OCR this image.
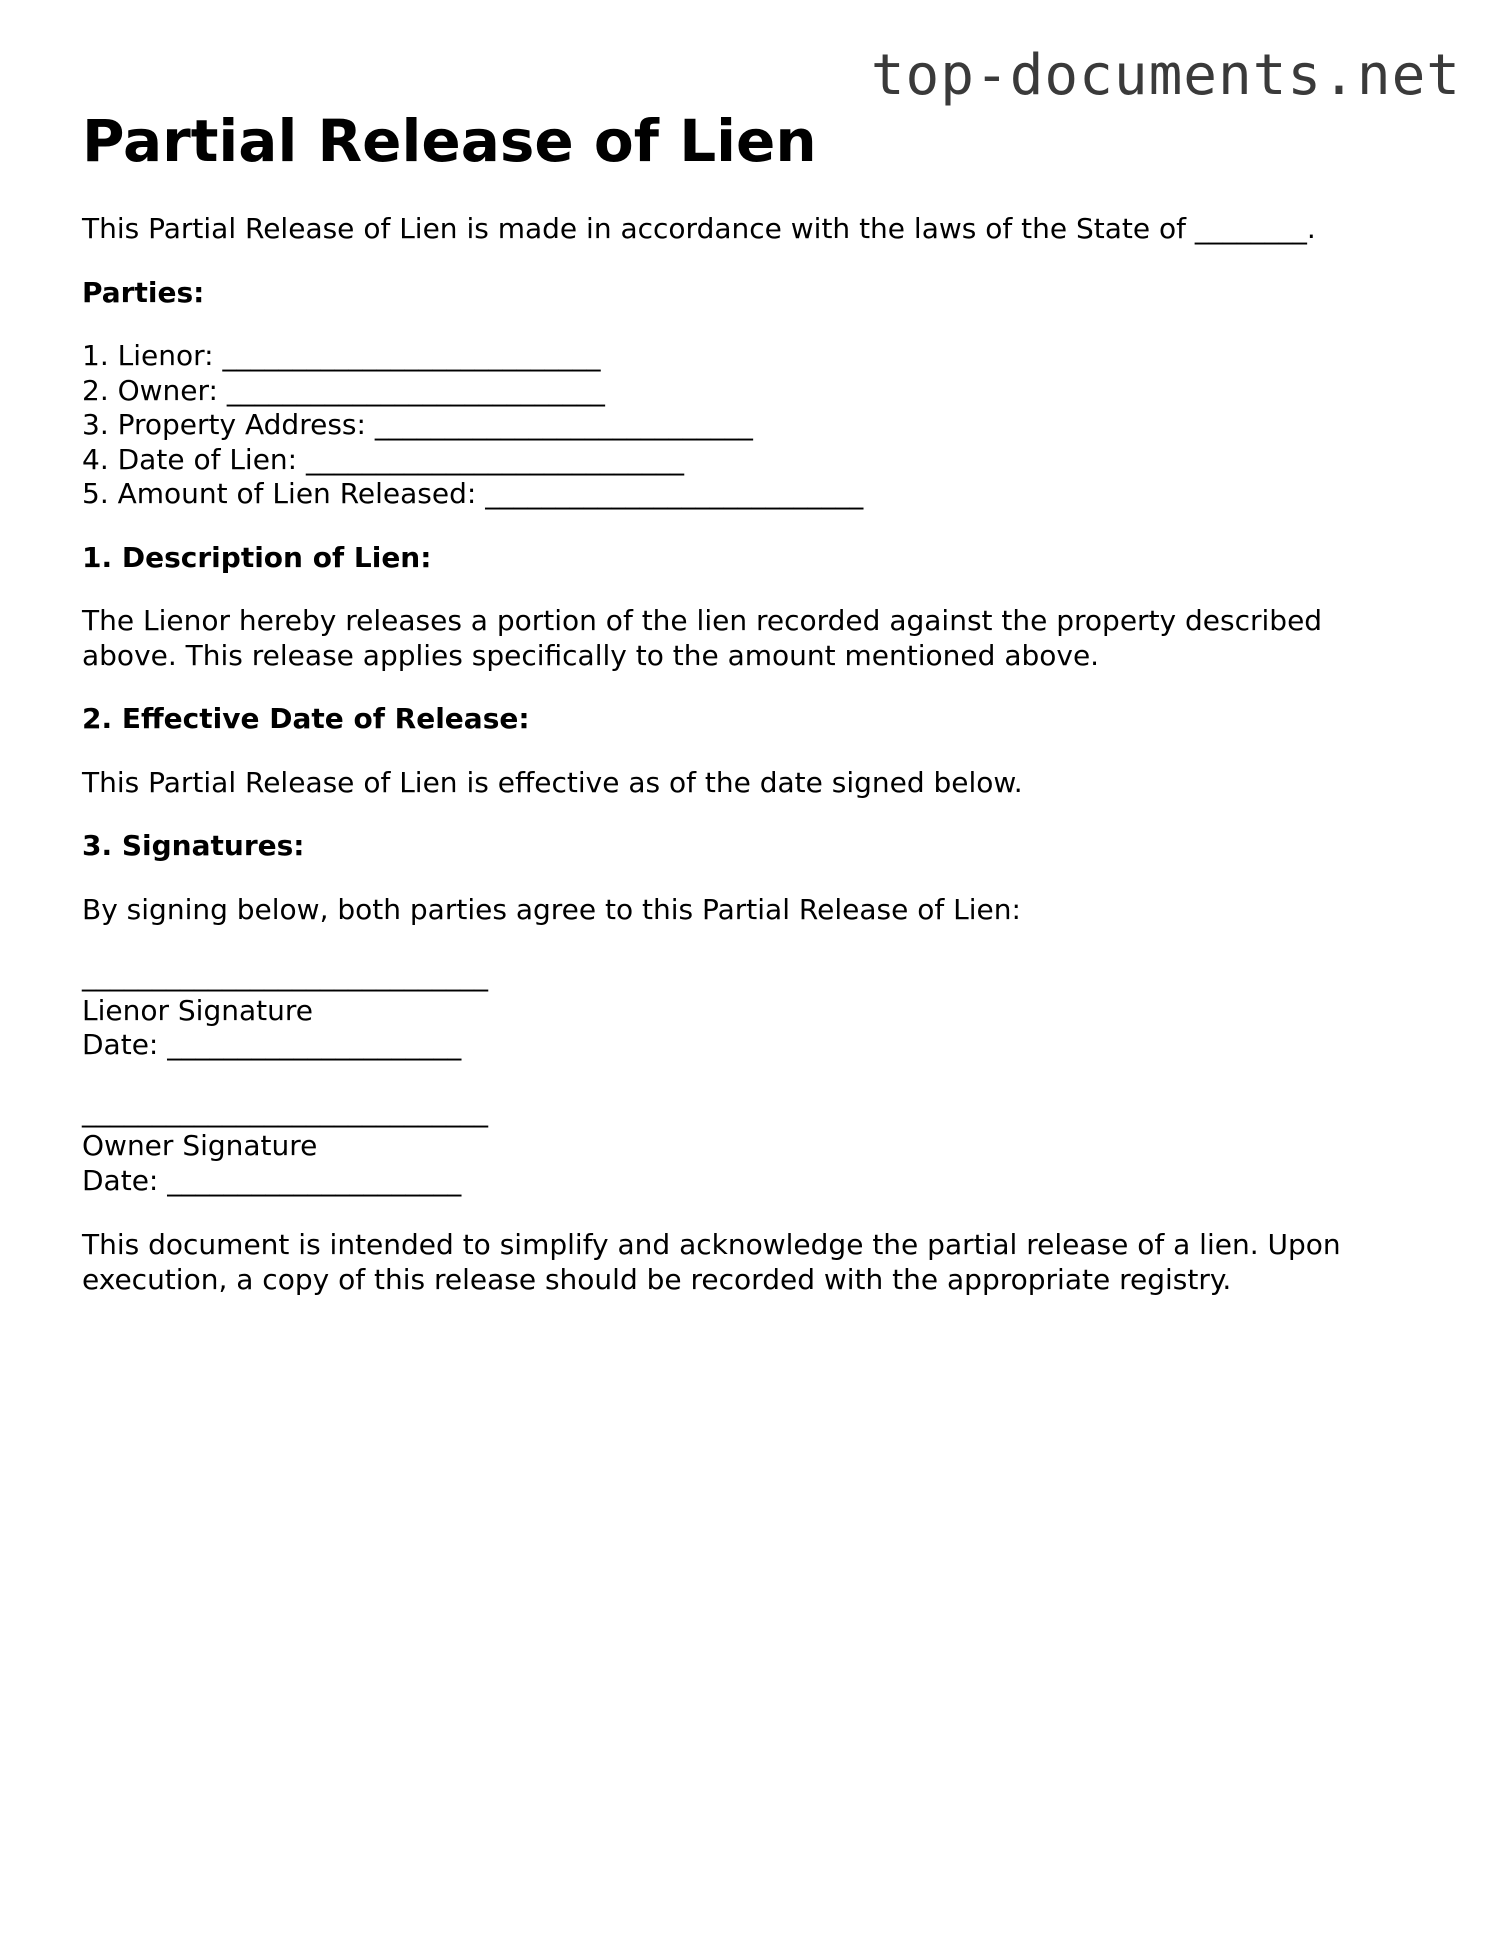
top-documents.net
Partial Release of Lien

This Partial Release of Lien is made in accordance with the laws of the State of ________.

Parties:

1. Lienor: ___________________________

2. Owner: ___________________________

3. Property Address: ___________________________

4. Date of Lien: ___________________________

5. Amount of Lien Released: ___________________________

1. Description of Lien:

The Lienor hereby releases a portion of the lien recorded against the property described above. This release applies specifically to the amount mentioned above.

2. Effective Date of Release:

This Partial Release of Lien is effective as of the date signed below.

3. Signatures:

By signing below, both parties agree to this Partial Release of Lien:

_____________________________

Lienor Signature

Date: _____________________

_____________________________

Owner Signature

Date: _____________________

This document is intended to simplify and acknowledge the partial release of a lien. Upon execution, a copy of this release should be recorded with the appropriate registry.
